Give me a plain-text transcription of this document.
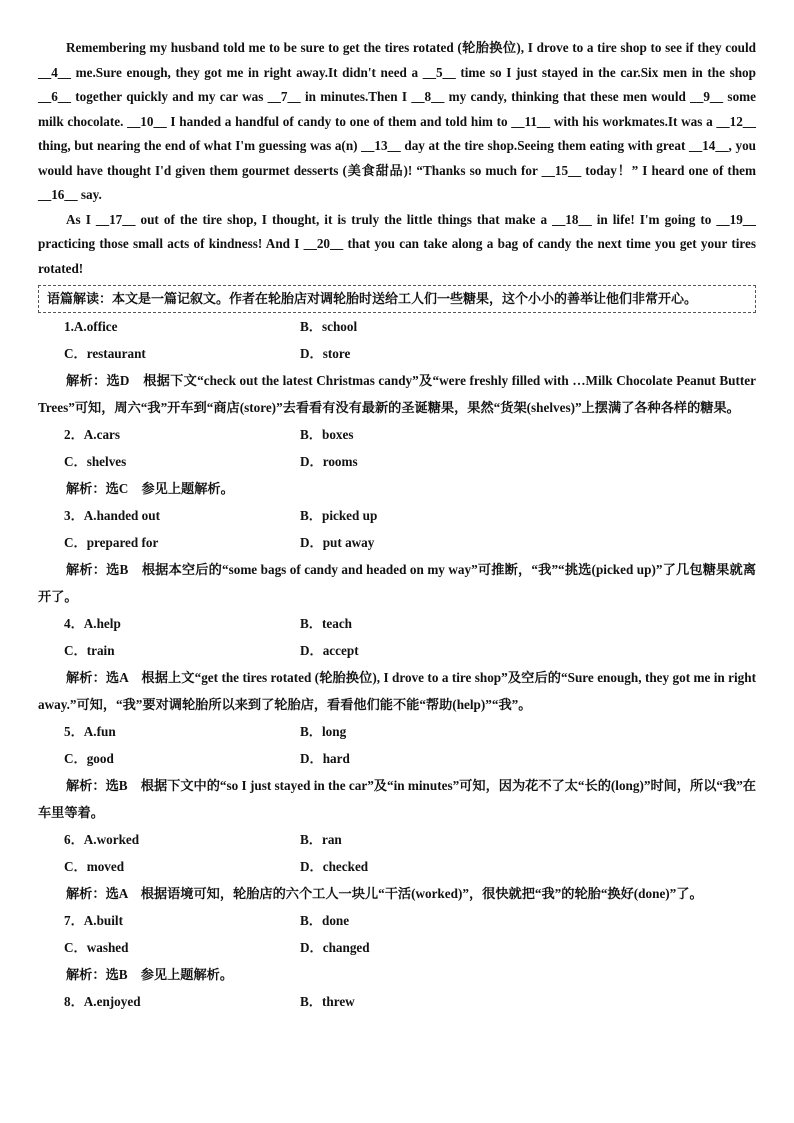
Remembering my husband told me to be sure to get the tires rotated (轮胎换位), I drove to a tire shop to see if they could __4__ me.Sure enough, they got me in right away.It didn't need a __5__ time so I just stayed in the car.Six men in the shop __6__ together quickly and my car was __7__ in minutes.Then I __8__ my candy, thinking that these men would __9__ some milk chocolate. __10__ I handed a handful of candy to one of them and told him to __11__ with his workmates.It was a __12__ thing, but nearing the end of what I'm guessing was a(n) __13__ day at the tire shop.Seeing them eating with great __14__, you would have thought I'd given them gourmet desserts (美食甜品)! “Thanks so much for __15__ today！” I heard one of them __16__ say.

As I __17__ out of the tire shop, I thought, it is truly the little things that make a __18__ in life! I'm going to __19__ practicing those small acts of kindness! And I __20__ that you can take along a bag of candy the next time you get your tires rotated!

语篇解读：本文是一篇记叙文。作者在轮胎店对调轮胎时送给工人们一些糖果，这个小小的善举让他们非常开心。
1.A.office	B．school
C．restaurant	D．store

解析：选D　根据下文“check out the latest Christmas candy”及“were freshly filled with …Milk Chocolate Peanut Butter Trees”可知，周六“我”开车到“商店(store)”去看看有没有最新的圣诞糖果，果然“货架(shelves)”上摆满了各种各样的糖果。

2．A.cars	B．boxes
C．shelves	D．rooms

解析：选C　参见上题解析。

3．A.handed out	B．picked up
C．prepared for	D．put away

解析：选B　根据本空后的“some bags of candy and headed on my way”可推断，“我”“挑选(picked up)”了几包糖果就离开了。

4．A.help	B．teach
C．train	D．accept

解析：选A　根据上文“get the tires rotated (轮胎换位), I drove to a tire shop”及空后的“Sure enough, they got me in right away.”可知，“我”要对调轮胎所以来到了轮胎店，看看他们能不能“帮助(help)”“我”。

5．A.fun	B．long
C．good	D．hard

解析：选B　根据下文中的“so I just stayed in the car”及“in minutes”可知，因为花不了太“长的(long)”时间，所以“我”在车里等着。

6．A.worked	B．ran
C．moved	D．checked

解析：选A　根据语境可知，轮胎店的六个工人一块儿“干活(worked)”，很快就把“我”的轮胎“换好(done)”了。

7．A.built	B．done
C．washed	D．changed

解析：选B　参见上题解析。

8．A.enjoyed	B．threw
